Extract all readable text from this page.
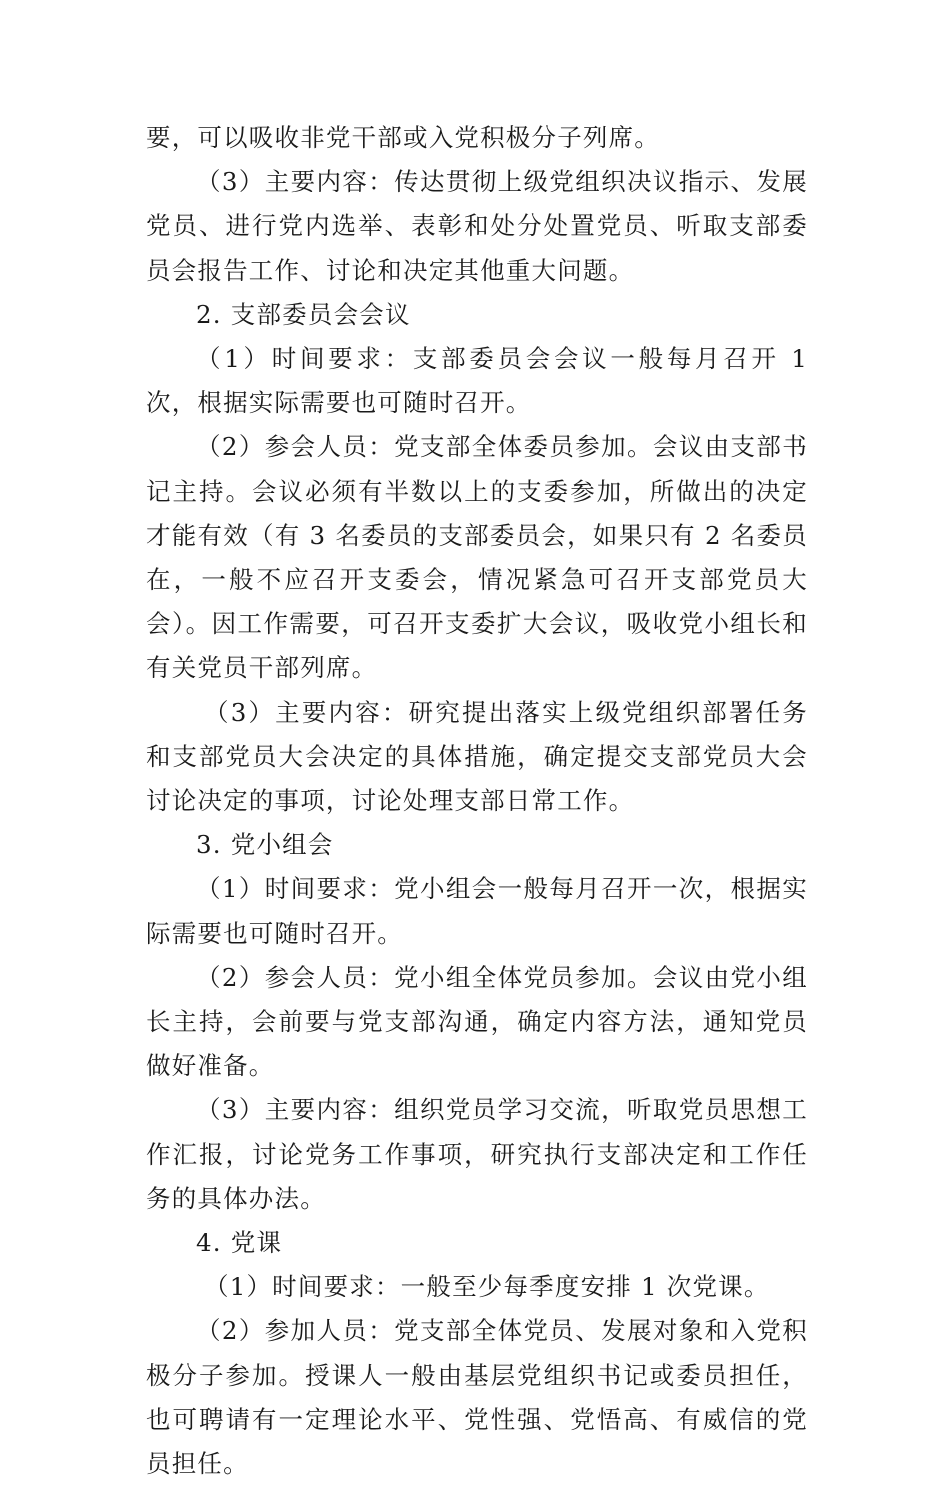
要，可以吸收非党干部或入党积极分子列席。

（3）主要内容：传达贯彻上级党组织决议指示、发展党员、进行党内选举、表彰和处分处置党员、听取支部委员会报告工作、讨论和决定其他重大问题。

2. 支部委员会会议

（1）时间要求：支部委员会会议一般每月召开 1 次，根据实际需要也可随时召开。

（2）参会人员：党支部全体委员参加。会议由支部书记主持。会议必须有半数以上的支委参加，所做出的决定才能有效（有 3 名委员的支部委员会，如果只有 2 名委员在，一般不应召开支委会，情况紧急可召开支部党员大会）。因工作需要，可召开支委扩大会议，吸收党小组长和有关党员干部列席。

（3）主要内容：研究提出落实上级党组织部署任务和支部党员大会决定的具体措施，确定提交支部党员大会讨论决定的事项，讨论处理支部日常工作。

3. 党小组会

（1）时间要求：党小组会一般每月召开一次，根据实际需要也可随时召开。

（2）参会人员：党小组全体党员参加。会议由党小组长主持，会前要与党支部沟通，确定内容方法，通知党员做好准备。

（3）主要内容：组织党员学习交流，听取党员思想工作汇报，讨论党务工作事项，研究执行支部决定和工作任务的具体办法。

4. 党课

（1）时间要求：一般至少每季度安排 1 次党课。

（2）参加人员：党支部全体党员、发展对象和入党积极分子参加。授课人一般由基层党组织书记或委员担任，也可聘请有一定理论水平、党性强、党悟高、有威信的党员担任。
